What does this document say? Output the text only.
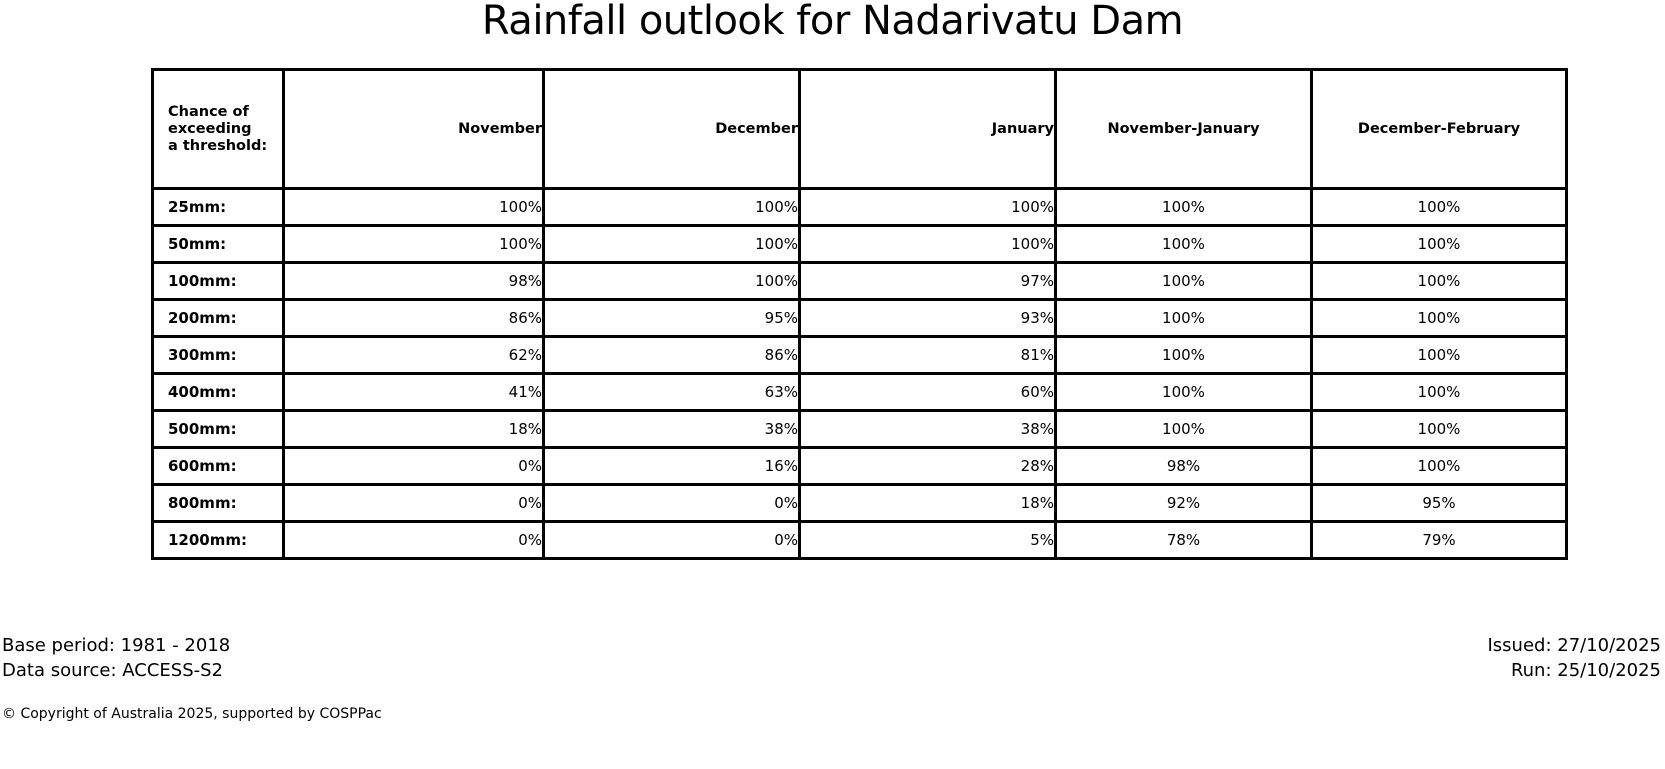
Rainfall outlook for Nadarivatu Dam
Chance of
exceeding
a threshold:	November	December	January	November-January	December-February
25mm:	100%	100%	100%	100%	100%
50mm:	100%	100%	100%	100%	100%
100mm:	98%	100%	97%	100%	100%
200mm:	86%	95%	93%	100%	100%
300mm:	62%	86%	81%	100%	100%
400mm:	41%	63%	60%	100%	100%
500mm:	18%	38%	38%	100%	100%
600mm:	0%	16%	28%	98%	100%
800mm:	0%	0%	18%	92%	95%
1200mm:	0%	0%	5%	78%	79%
Base period: 1981 - 2018
Data source: ACCESS-S2
Issued: 27/10/2025
Run: 25/10/2025
© Copyright of Australia 2025, supported by COSPPac
